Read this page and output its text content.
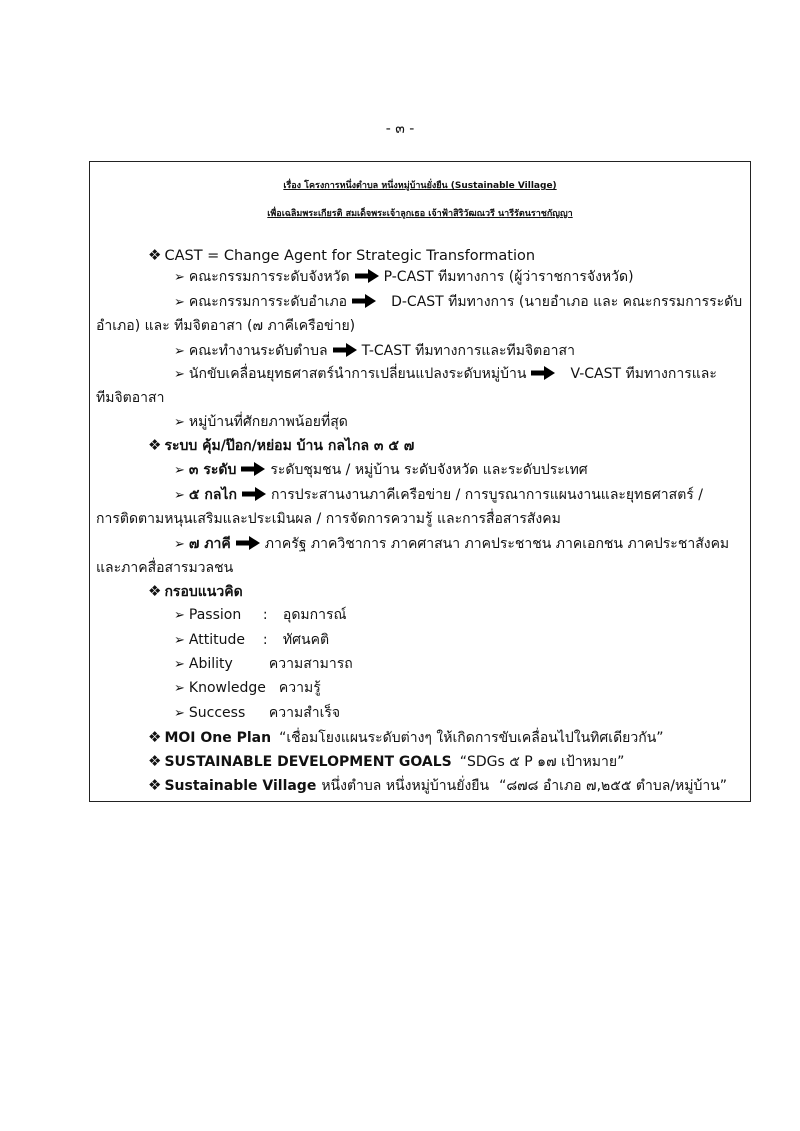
- ๓ -
เรื่อง โครงการหนึ่งตำบล หนึ่งหมู่บ้านยั่งยืน (Sustainable Village)
เพื่อเฉลิมพระเกียรติ สมเด็จพระเจ้าลูกเธอ เจ้าฟ้าสิริวัฒณวรี นารีรัตนราชกัญญา
❖ CAST = Change Agent for Strategic Transformation
➢ คณะกรรมการระดับจังหวัด P-CAST ทีมทางการ (ผู้ว่าราชการจังหวัด)
➢ คณะกรรมการระดับอำเภอ	D-CAST ทีมทางการ (นายอำเภอ และ คณะกรรมการระดับ
อำเภอ) และ ทีมจิตอาสา (๗ ภาคีเครือข่าย)
➢ คณะทำงานระดับตำบล T-CAST ทีมทางการและทีมจิตอาสา
➢ นักขับเคลื่อนยุทธศาสตร์นำการเปลี่ยนแปลงระดับหมู่บ้าน	V-CAST ทีมทางการและ
ทีมจิตอาสา
➢ หมู่บ้านที่ศักยภาพน้อยที่สุด
❖ ระบบ คุ้ม/ป๊อก/หย่อม บ้าน กลไกล ๓ ๕ ๗
➢ ๓ ระดับ ระดับชุมชน / หมู่บ้าน ระดับจังหวัด และระดับประเทศ
➢ ๕ กลไก การประสานงานภาคีเครือข่าย / การบูรณาการแผนงานและยุทธศาสตร์ /
การติดตามหนุนเสริมและประเมินผล / การจัดการความรู้ และการสื่อสารสังคม
➢ ๗ ภาคี ภาครัฐ ภาควิชาการ ภาคศาสนา ภาคประชาชน ภาคเอกชน ภาคประชาสังคม
และภาคสื่อสารมวลชน
❖ กรอบแนวคิด
➢ Passion : อุดมการณ์
➢ Attitude : ทัศนคติ
➢ Ability	ความสามารถ
➢ Knowledge ความรู้
➢ Success ความสำเร็จ
❖ MOI One Plan “เชื่อมโยงแผนระดับต่างๆ ให้เกิดการขับเคลื่อนไปในทิศเดียวกัน”
❖ SUSTAINABLE DEVELOPMENT GOALS “SDGs ๕ P ๑๗ เป้าหมาย”
❖ Sustainable Village หนึ่งตำบล หนึ่งหมู่บ้านยั่งยืน “๘๗๘ อำเภอ ๗,๒๕๕ ตำบล/หมู่บ้าน”
